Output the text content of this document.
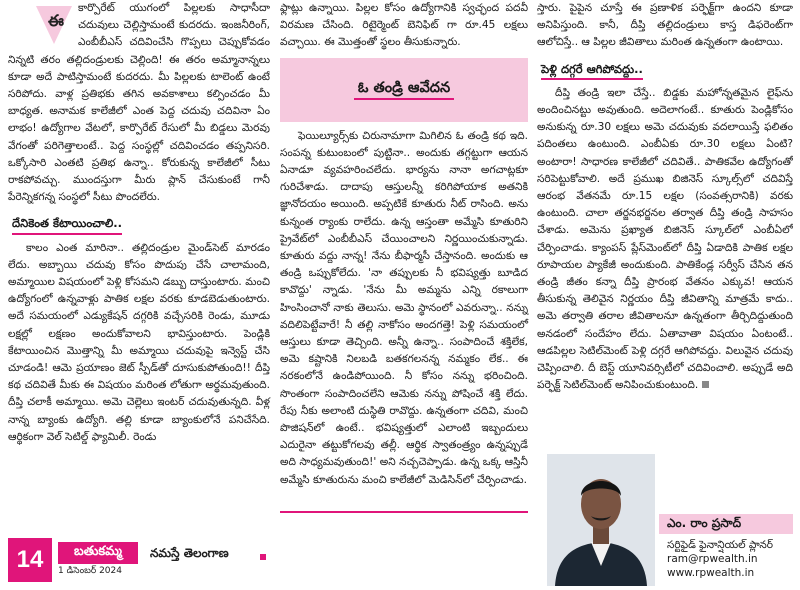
ఈ

కార్పొరేట్ యుగంలో పిల్లలకు సాధాసీదా చదువులు చెల్లిస్తామంటే కుదరదు. ఇంజనీరింగ్, ఎంబీబీఎస్ చదివించేసి గొప్పలు చెప్పుకోవడం నిన్నటి తరం తల్లిదండ్రులకు చెల్లింది! ఈ తరం అమ్మానాన్నలు కూడా అదే పాటిస్తామంటే కుదరదు. మీ పిల్లలకు టాలెంట్ ఉంటే సరిపోదు. వాళ్ల ప్రతిభకు తగిన అవకాశాలు కల్పించడం మీ బాధ్యత. అనామక కాలేజీలో ఎంత పెద్ద చదువు చదివినా ఏం లాభం! ఉద్యోగాల వేటలో, కార్పొరేట్ రేసులో మీ బిడ్డలు మెరవు వేగంతో పరిగెత్తాలంటే.. పెద్ద సంస్థల్లో చదివించడం తప్పనిసరి. ఒక్కోసారి ఎంతటి ప్రతిభ ఉన్నా.. కోరుకున్న కాలేజీలో సీటు రాకపోవచ్చు. ముందస్తుగా మీరు ప్లాన్ చేసుకుంటే గానీ పేరెన్నికగన్న సంస్థలో సీటు పొందలేరు.

దేనికెంత కేటాయించాలి..

కాలం ఎంత మారినా.. తల్లిదండ్రుల మైండ్‌సెట్ మారడం లేదు. అబ్బాయి చదువు కోసం పొదుపు చేసే చాలామంది, అమ్మాయిల విషయంలో పెళ్లి కోసమని డబ్బు దాస్తుంటారు. మంచి ఉద్యోగంలో ఉన్నవాళ్లు పాతిక లక్షల వరకు కూడబెడుతుంటారు. అదే సమయంలో ఎడ్యుకేషన్ దగ్గరికి వచ్చేసరికి రెండు, మూడు లక్షల్లో లక్షణం అందుకోవాలని భావిస్తుంటారు. పెండ్లికి కేటాయించిన మొత్తాన్ని మీ అమ్మాయి చదువుపై ఇన్వెస్ట్ చేసి చూడండి! ఆమె ప్రయాణం జెట్ స్పీడ్‌తో దూసుకుపోతుంది!! దీప్తి కథ చదివితే మీకు ఈ విషయం మరింత లోతుగా అర్థమవుతుంది. దీప్తి చలాకీ అమ్మాయి. అమె చెల్లెలు ఇంటర్ చదువుతున్నది. వీళ్ల నాన్న బ్యాంకు ఉద్యోగి. తల్లి కూడా బ్యాంకులోనే పనిచేసేది. ఆర్థికంగా వెల్ సెటిల్డ్ ఫ్యామిలీ. రెండు

ఫ్లాట్లు ఉన్నాయి. పిల్లల కోసం ఉద్యోగానికి స్వచ్ఛంద పదవీ విరమణ చేసింది. రిటైర్మెంట్ బెనిఫిట్ గా రూ.45 లక్షలు వచ్చాయి. ఈ మొత్తంతో స్థలం తీసుకున్నారు.

ఓ తండ్రి ఆవేదన

ఫెయిల్యూర్స్‌కు చిరునామాగా మిగిలిన ఓ తండ్రి కథ ఇది. సంపన్న కుటుంబంలో పుట్టినా.. అందుకు తగ్గట్టుగా ఆయన ఏనాడూ వ్యవహరించలేదు. భార్యను నానా అగచాట్లకూ గురిచేశాడు. దాదాపు ఆస్తులన్నీ కరిగిపోయాక అతనికి జ్ఞానోదయం అయింది. అప్పటికే కూతురు నీట్ రాసింది. అను కున్నంత ర్యాంకు రాలేదు. ఉన్న ఆస్తంతా అమ్మేసి కూతురిని ప్రైవేట్‌లో ఎంబీబీఎస్ చేయించాలని నిర్ణయించుకున్నాడు. కూతురు వద్దు నాన్న! నేను బీఫార్మసీ చేస్తానంది. అందుకు ఆ తండ్రి ఒప్పుకోలేదు. 'నా తప్పులకు నీ భవిష్యత్తు బూడిద కావొద్దు' న్నాడు. 'నేను మీ అమ్మను ఎన్ని రకాలుగా హింసించానో నాకు తెలుసు. అమె స్థానంలో ఎవరున్నా.. నన్ను వదిలిపెట్టేవారే! నీ తల్లి నాకోసం అందగత్తె! పెళ్లి సమయంలో ఆస్తులు కూడా తెచ్చింది. అన్నీ ఉన్నా.. సంపాదించే శక్తిలేక, అమె కష్టానికి నిలబడి బతకగలనన్న నమ్మకం లేక.. ఈ నరకంలోనే ఉండిపోయింది. నీ కోసం నన్ను భరించింది. సొంతంగా సంపాదించలేని ఆమెకు నన్ను పోషించే శక్తి లేదు. రేపు నీకు అలాంటి దుస్థితి రావొద్దు. ఉన్నతంగా చదివి, మంచి పొజిషన్‌లో ఉంటే.. భవిష్యత్తులో ఎలాంటి ఇబ్బందులు ఎదురైనా తట్టుకోగలవు తల్లీ. ఆర్థిక స్వాతంత్ర్యం ఉన్నప్పుడే అది సాధ్యమవుతుంది!' అని నచ్చచెప్పాడు. ఉన్న ఒక్క ఆస్తినీ అమ్మేసి కూతురును మంచి కాలేజీలో మెడిసిన్‌లో చేర్పించాడు.

స్తారు. పైపైన చూస్తే ఈ ప్రణాళిక పర్ఫెక్ట్‌గా ఉందని కూడా అనిపిస్తుంది. కానీ, దీప్తి తల్లిదండ్రులు కాస్త డిఫరెంట్‌గా ఆలోచిస్తే.. ఆ పిల్లల జీవితాలు మరింత ఉన్నతంగా ఉంటాయి.

పెళ్లి దగ్గరే ఆగిపోవద్దు..

దీప్తి తండ్రి ఇలా చేస్తే.. బిడ్డకు మహోన్నతమైన లైఫ్‌ను అందించినట్టు అవుతుంది. అదెలాగంటే.. కూతురు పెండ్లికోసం అనుకున్న రూ.30 లక్షలు అమె చదువుకు వదలాయిస్తే ఫలితం పదింతలు ఉంటుంది. ఎంబీఏకు రూ.30 లక్షలు ఏంటి? అంటారా! సాధారణ కాలేజీలో చదివితే.. పాతికవేల ఉద్యోగంతో సరిపెట్టుకోవాలి. అదే ప్రముఖ బిజినెస్ స్కూల్స్‌లో చదివిస్తే ఆరంభ వేతనమే రూ.15 లక్షల (సంవత్సరానికి) వరకు ఉంటుంది. చాలా తర్జనభర్జనల తర్వాత దీప్తి తండ్రి సాహసం చేశాడు. అమెను ప్రఖ్యాత బిజినెస్ స్కూల్‌లో ఎంబీఏలో చేర్పించాడు. క్యాంపస్ ప్లేస్‌మెంట్‌లో దీప్తి ఏడాదికి పాతిక లక్షల రూపాయల ప్యాకేజీ అందుకుంది. పాతికేండ్ల సర్వీస్ చేసిన తన తండ్రి జీతం కన్నా దీప్తి ప్రారంభ వేతనం ఎక్కువ! ఆయన తీసుకున్న తెలివైన నిర్ణయం దీప్తి జీవితాన్ని మాత్రమే కాదు.. అమె తర్వాతి తరాల జీవితాలనూ ఉన్నతంగా తీర్చిదిద్దుతుంది అనడంలో సందేహం లేదు. ఏతావాతా విషయం ఏంటంటే.. ఆడపిల్లల సెటిల్‌మెంట్ పెళ్లి దగ్గరే ఆగిపోవద్దు. విలువైన చదువు చెప్పించాలి. దీ బెస్ట్ యూనివర్సిటీలో చదివించాలి. అప్పుడే అది పర్ఫెక్ట్ సెటిల్‌మెంట్ అనిపించుకుంటుంది.

ఎం. రాం ప్రసాద్
సర్టిఫైడ్ ఫైనాన్షియల్ ప్లానర్
ram@rpwealth.in
www.rpwealth.in
14	బతుకమ్మ
1 డిసెంబర్ 2024
నమస్తే తెలంగాణ
